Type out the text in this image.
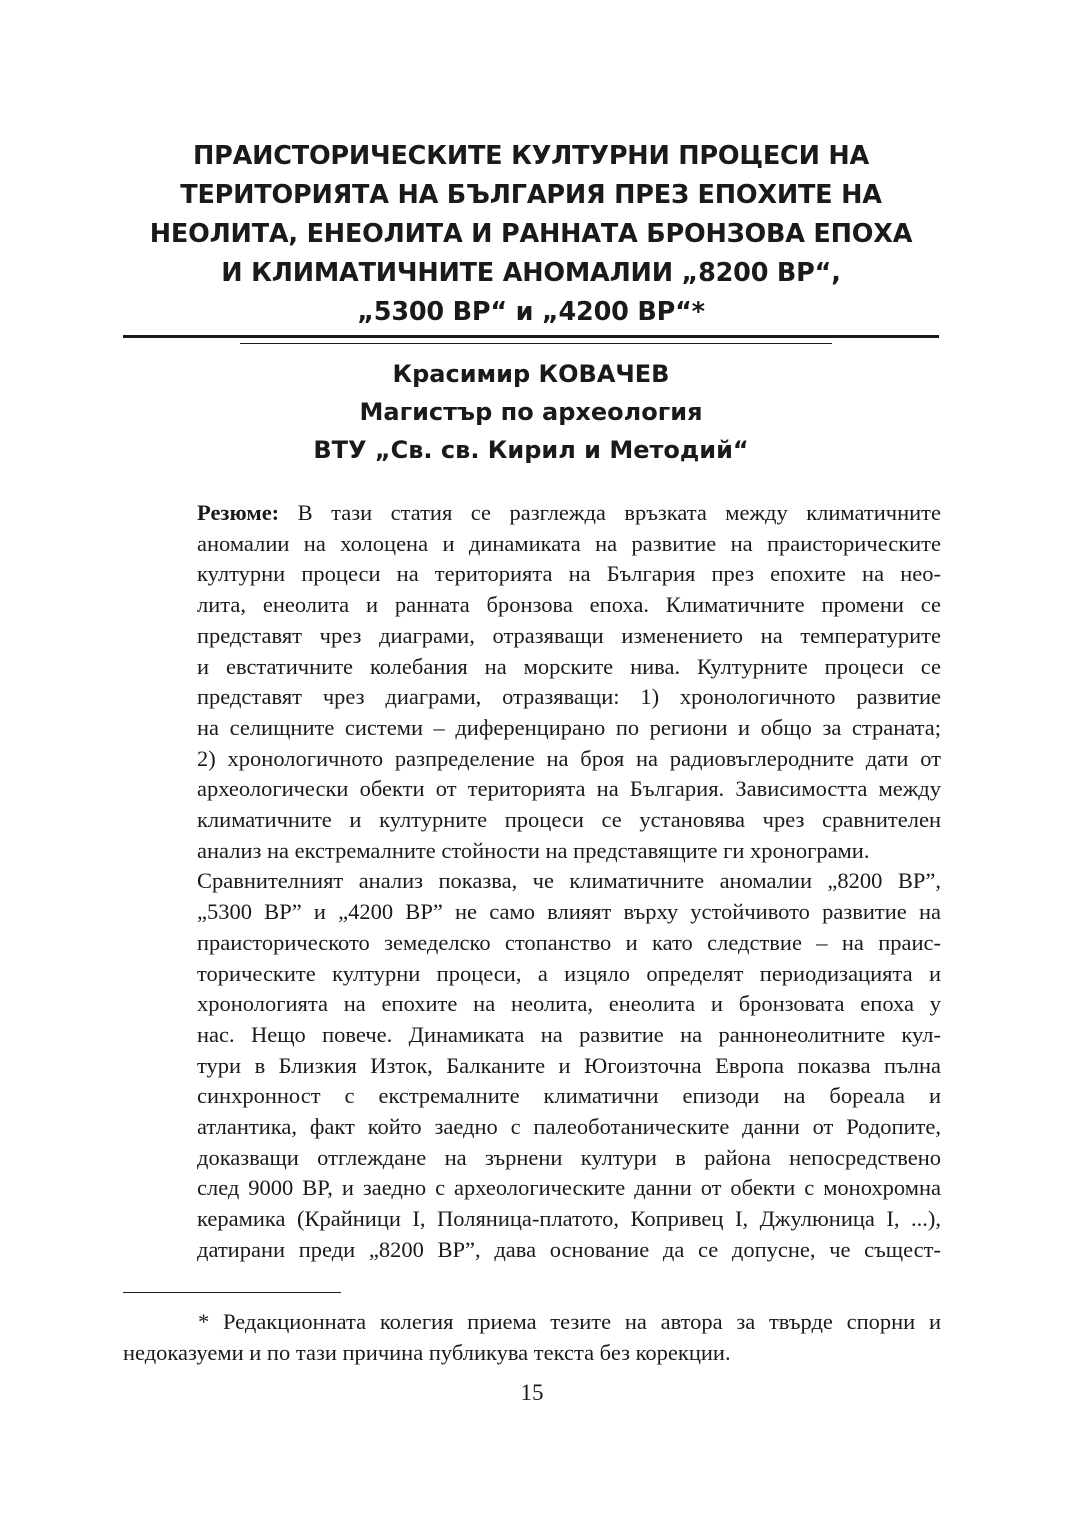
ПРАИСТОРИЧЕСКИТЕ КУЛТУРНИ ПРОЦЕСИ НА
ТЕРИТОРИЯТА НА БЪЛГАРИЯ ПРЕЗ ЕПОХИТЕ НА
НЕОЛИТА, ЕНЕОЛИТА И РАННАТА БРОНЗОВА ЕПОХА
И КЛИМАТИЧНИТЕ АНОМАЛИИ „8200 BP“,
„5300 BP“ и „4200 BP“*
Красимир КОВАЧЕВ
Магистър по археология
ВТУ „Св. св. Кирил и Методий“
Резюме: В тази статия се разглежда връзката между климатичните
аномалии на холоцена и динамиката на развитие на праисторическите
културни процеси на територията на България през епохите на нео-
лита, енеолита и ранната бронзова епоха. Климатичните промени се
представят чрез диаграми, отразяващи изменението на температурите
и евстатичните колебания на морските нива. Културните процеси се
представят чрез диаграми, отразяващи: 1) хронологичното развитие
на селищните системи – диференцирано по региони и общо за страната;
2) хронологичното разпределение на броя на радиовъглеродните дати от
археологически обекти от територията на България. Зависимостта между
климатичните и културните процеси се установява чрез сравнителен
анализ на екстремалните стойности на представящите ги хронограми.
Сравнителният анализ показва, че климатичните аномалии „8200 BP”,
„5300 BP” и „4200 BP” не само влияят върху устойчивото развитие на
праисторическото земеделско стопанство и като следствие – на праис-
торическите културни процеси, а изцяло определят периодизацията и
хронологията на епохите на неолита, енеолита и бронзовата епоха у
нас. Нещо повече. Динамиката на развитие на раннонеолитните кул-
тури в Близкия Изток, Балканите и Югоизточна Европа показва пълна
синхронност с екстремалните климатични епизоди на бореала и
атлантика, факт който заедно с палеоботаническите данни от Родопите,
доказващи отглеждане на зърнени култури в района непосредствено
след 9000 BP, и заедно с археологическите данни от обекти с монохромна
керамика (Крайници I, Поляница-платото, Копривец I, Джулюница I, ...),
датирани преди „8200 BP”, дава основание да се допусне, че същест-
* Редакционната колегия приема тезите на автора за твърде спорни и
недоказуеми и по тази причина публикува текста без корекции.
15
